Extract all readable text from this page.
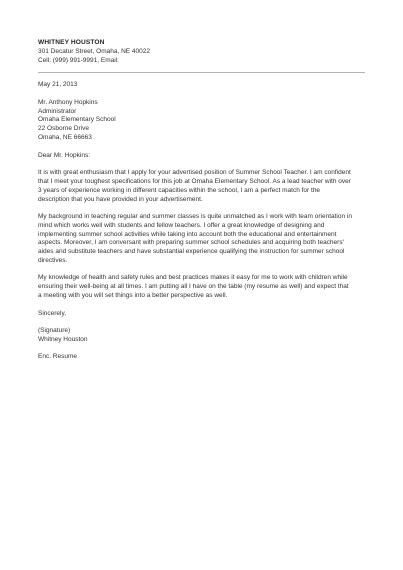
WHITNEY HOUSTON
301 Decatur Street, Omaha, NE 40022
Cell: (999) 991-9991, Email:
May 21, 2013
Mr. Anthony Hopkins
Administrator
Omaha Elementary School
22 Osborne Drive
Omaha, NE 66663
Dear Mr. Hopkins:
It is with great enthusiasm that I apply for your advertised position of Summer School Teacher. I am confident
that I meet your toughest specifications for this job at Omaha Elementary School. As a lead teacher with over
3 years of experience working in different capacities within the school, I am a perfect match for the
description that you have provided in your advertisement.
My background in teaching regular and summer classes is quite unmatched as I work with team orientation in
mind which works well with students and fellow teachers. I offer a great knowledge of designing and
implementing summer school activities while taking into account both the educational and entertainment
aspects. Moreover, I am conversant with preparing summer school schedules and acquiring both teachers'
aides and substitute teachers and have substantial experience qualifying the instruction for summer school
directives.
My knowledge of health and safety rules and best practices makes it easy for me to work with children while
ensuring their well-being at all times. I am putting all I have on the table (my resume as well) and expect that
a meeting with you will set things into a better perspective as well.
Sincerely,
(Signature)
Whitney Houston
Enc. Resume
